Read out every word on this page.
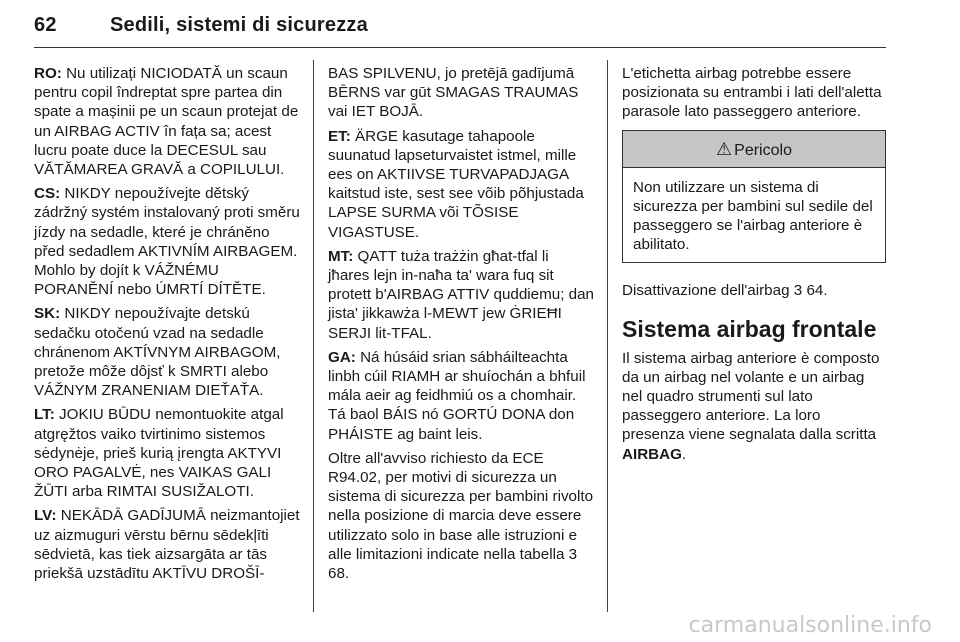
62	Sedili, sistemi di sicurezza

RO: Nu utilizați NICIODATĂ un scaun pentru copil îndreptat spre partea din spate a mașinii pe un scaun protejat de un AIRBAG ACTIV în fața sa; acest lucru poate duce la DECESUL sau VĂTĂMAREA GRAVĂ a COPILULUI.

CS: NIKDY nepoužívejte dětský zádržný systém instalovaný proti směru jízdy na sedadle, které je chráněno před sedadlem AKTIVNÍM AIRBAGEM. Mohlo by dojít k VÁŽNÉMU PORANĚNÍ nebo ÚMRTÍ DÍTĚTE.

SK: NIKDY nepoužívajte detskú sedačku otočenú vzad na sedadle chránenom AKTÍVNYM AIRBAGOM, pretože môže dôjsť k SMRTI alebo VÁŽNYM ZRANENIAM DIEŤAŤA.

LT: JOKIU BŪDU nemontuokite atgal atgręžtos vaiko tvirtinimo sistemos sėdynėje, prieš kurią įrengta AKTYVI ORO PAGALVĖ, nes VAIKAS GALI ŽŪTI arba RIMTAI SUSIŽALOTI.

LV: NEKĀDĀ GADĪJUMĀ neizmantojiet uz aizmuguri vērstu bērnu sēdekļīti sēdvietā, kas tiek aizsargāta ar tās priekšā uzstādītu AKTĪVU DROŠĪ-

BAS SPILVENU, jo pretējā gadījumā BĒRNS var gūt SMAGAS TRAUMAS vai IET BOJĀ.

ET: ÄRGE kasutage tahapoole suunatud lapseturvaistet istmel, mille ees on AKTIIVSE TURVAPADJAGA kaitstud iste, sest see võib põhjustada LAPSE SURMA või TÕSISE VIGASTUSE.

MT: QATT tuża trażżin għat-tfal li jħares lejn in-naħa ta' wara fuq sit protett b'AIRBAG ATTIV quddiemu; dan jista' jikkawża l-MEWT jew ĠRIEĦI SERJI lit-TFAL.

GA: Ná húsáid srian sábháilteachta linbh cúil RIAMH ar shuíochán a bhfuil mála aeir ag feidhmiú os a chomhair. Tá baol BÁIS nó GORTÚ DONA don PHÁISTE ag baint leis.

Oltre all'avviso richiesto da ECE R94.02, per motivi di sicurezza un sistema di sicurezza per bambini rivolto nella posizione di marcia deve essere utilizzato solo in base alle istruzioni e alle limitazioni indicate nella tabella 3 68.

L'etichetta airbag potrebbe essere posizionata su entrambi i lati dell'aletta parasole lato passeggero anteriore.

⚠ Pericolo
Non utilizzare un sistema di sicurezza per bambini sul sedile del passeggero se l'airbag anteriore è abilitato.

Disattivazione dell'airbag 3 64.

Sistema airbag frontale

Il sistema airbag anteriore è composto da un airbag nel volante e un airbag nel quadro strumenti sul lato passeggero anteriore. La loro presenza viene segnalata dalla scritta AIRBAG.

carmanualsonline.info
